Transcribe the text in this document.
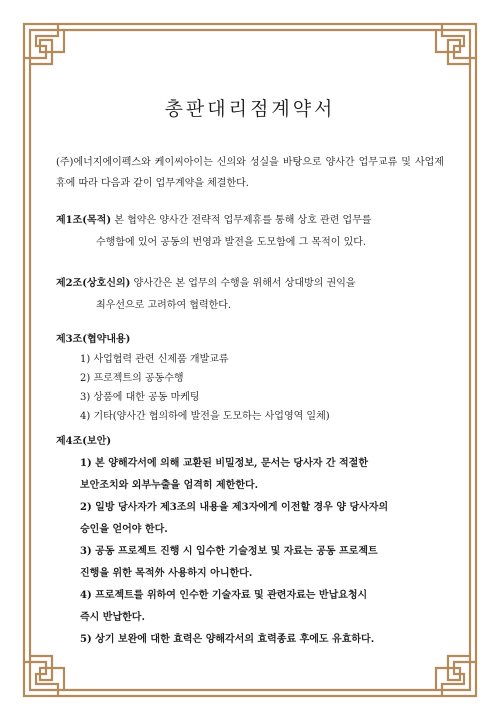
총판대리점계약서

(주)에너지에이펙스와 케이씨아이는 신의와 성실을 바탕으로 양사간 업무교류 및 사업제휴에 따라 다음과 같이 업무계약을 체결한다.

제1조(목적) 본 협약은 양사간 전략적 업무제휴를 통해 상호 관련 업무를
수행함에 있어 공동의 번영과 발전을 도모함에 그 목적이 있다.
제2조(상호신의) 양사간은 본 업무의 수행을 위해서 상대방의 권익을
최우선으로 고려하여 협력한다.
제3조(협약내용)
1) 사업협력 관련 신제품 개발교류
2) 프로젝트의 공동수행
3) 상품에 대한 공동 마케팅
4) 기타(양사간 협의하에 발전을 도모하는 사업영역 일체)
제4조(보안)
1) 본 양해각서에 의해 교환된 비밀정보, 문서는 당사자 간 적절한
보안조치와 외부누출을 엄격히 제한한다.
2) 일방 당사자가 제3조의 내용을 제3자에게 이전할 경우 양 당사자의
승인을 얻어야 한다.
3) 공동 프로젝트 진행 시 입수한 기술정보 및 자료는 공동 프로젝트
진행을 위한 목적外 사용하지 아니한다.
4) 프로젝트를 위하여 인수한 기술자료 및 관련자료는 반납요청시
즉시 반납한다.
5) 상기 보완에 대한 효력은 양해각서의 효력종료 후에도 유효하다.
